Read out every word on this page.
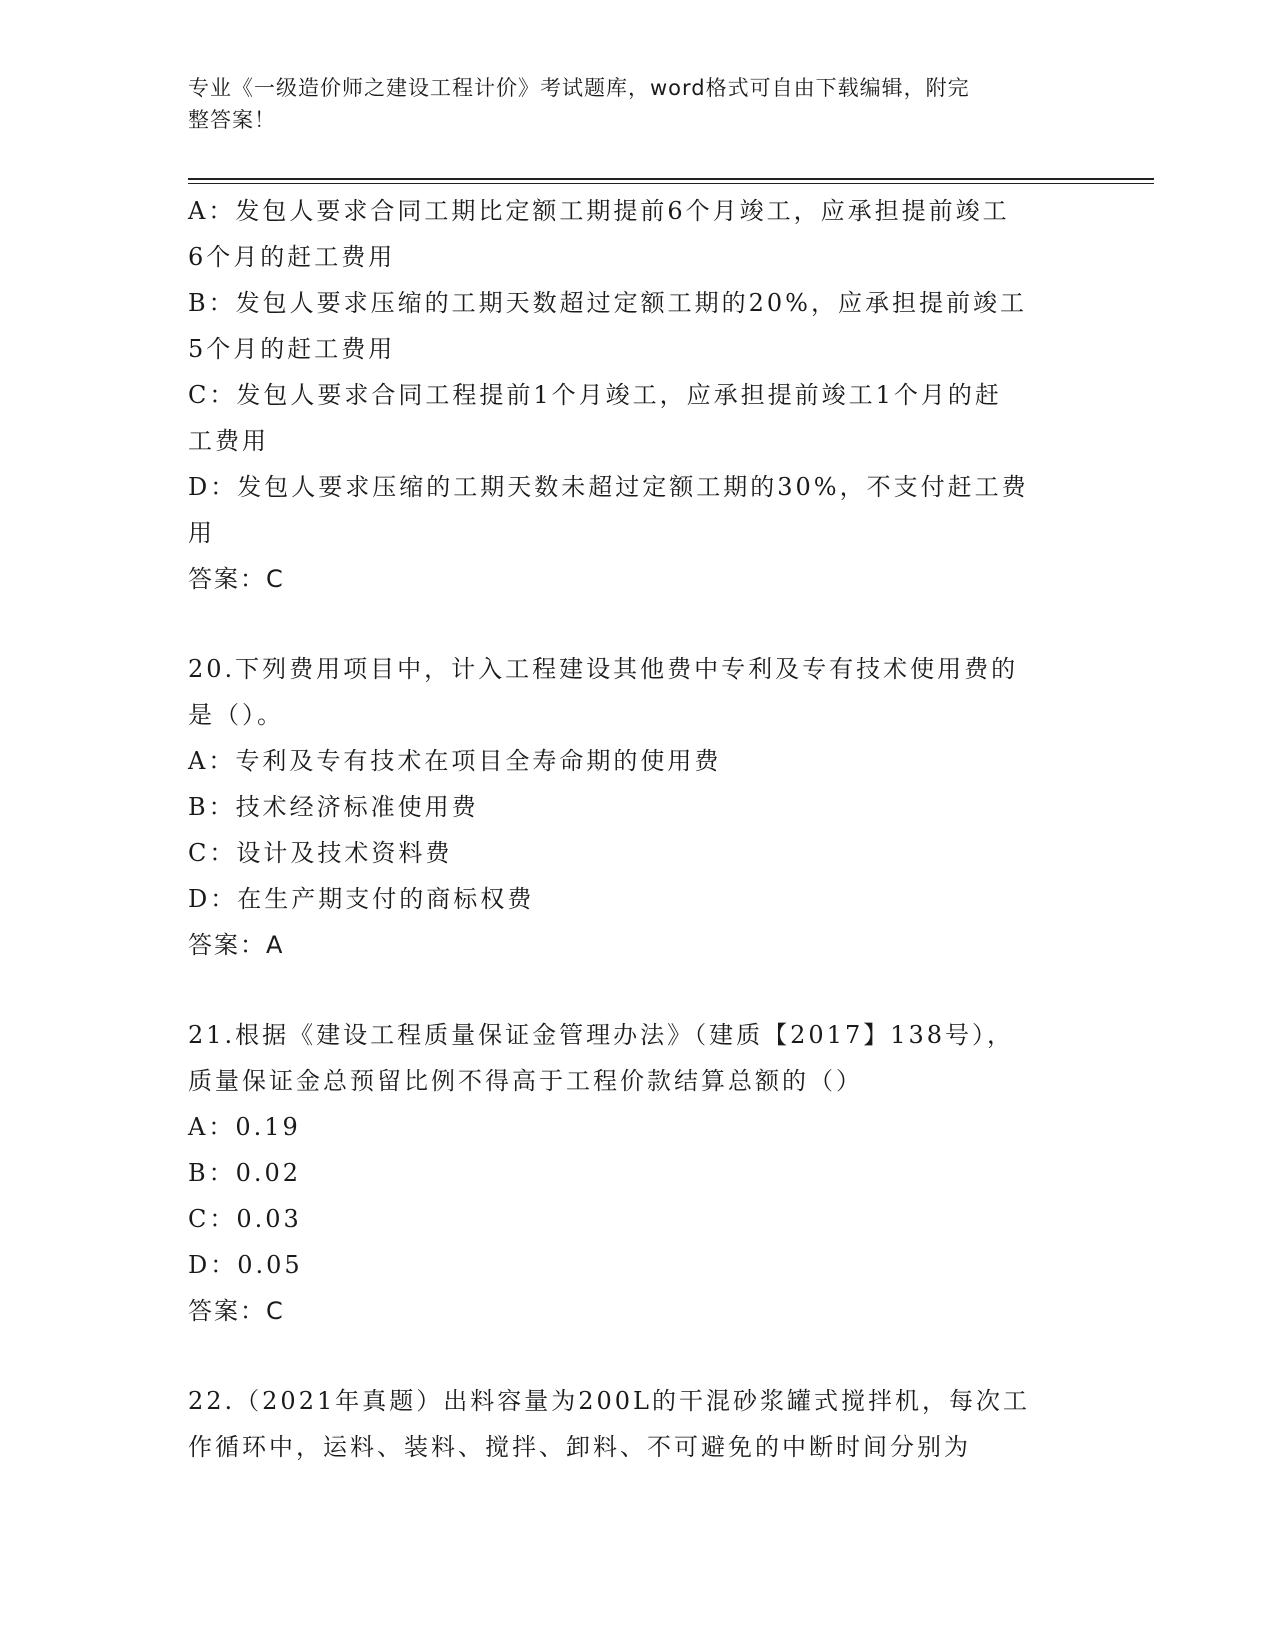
专业《一级造价师之建设工程计价》考试题库，word格式可自由下载编辑，附完
整答案！
A：发包人要求合同工期比定额工期提前6个月竣工，应承担提前竣工
6个月的赶工费用
B：发包人要求压缩的工期天数超过定额工期的20%，应承担提前竣工
5个月的赶工费用
C：发包人要求合同工程提前1个月竣工，应承担提前竣工1个月的赶
工费用
D：发包人要求压缩的工期天数未超过定额工期的30%，不支付赶工费
用
答案：C
20.下列费用项目中，计入工程建设其他费中专利及专有技术使用费的
是（）。
A：专利及专有技术在项目全寿命期的使用费
B：技术经济标准使用费
C：设计及技术资料费
D：在生产期支付的商标权费
答案：A
21.根据《建设工程质量保证金管理办法》（建质【2017】138号），
质量保证金总预留比例不得高于工程价款结算总额的（）
A：0.19
B：0.02
C：0.03
D：0.05
答案：C
22.（2021年真题）出料容量为200L的干混砂浆罐式搅拌机，每次工
作循环中，运料、装料、搅拌、卸料、不可避免的中断时间分别为
